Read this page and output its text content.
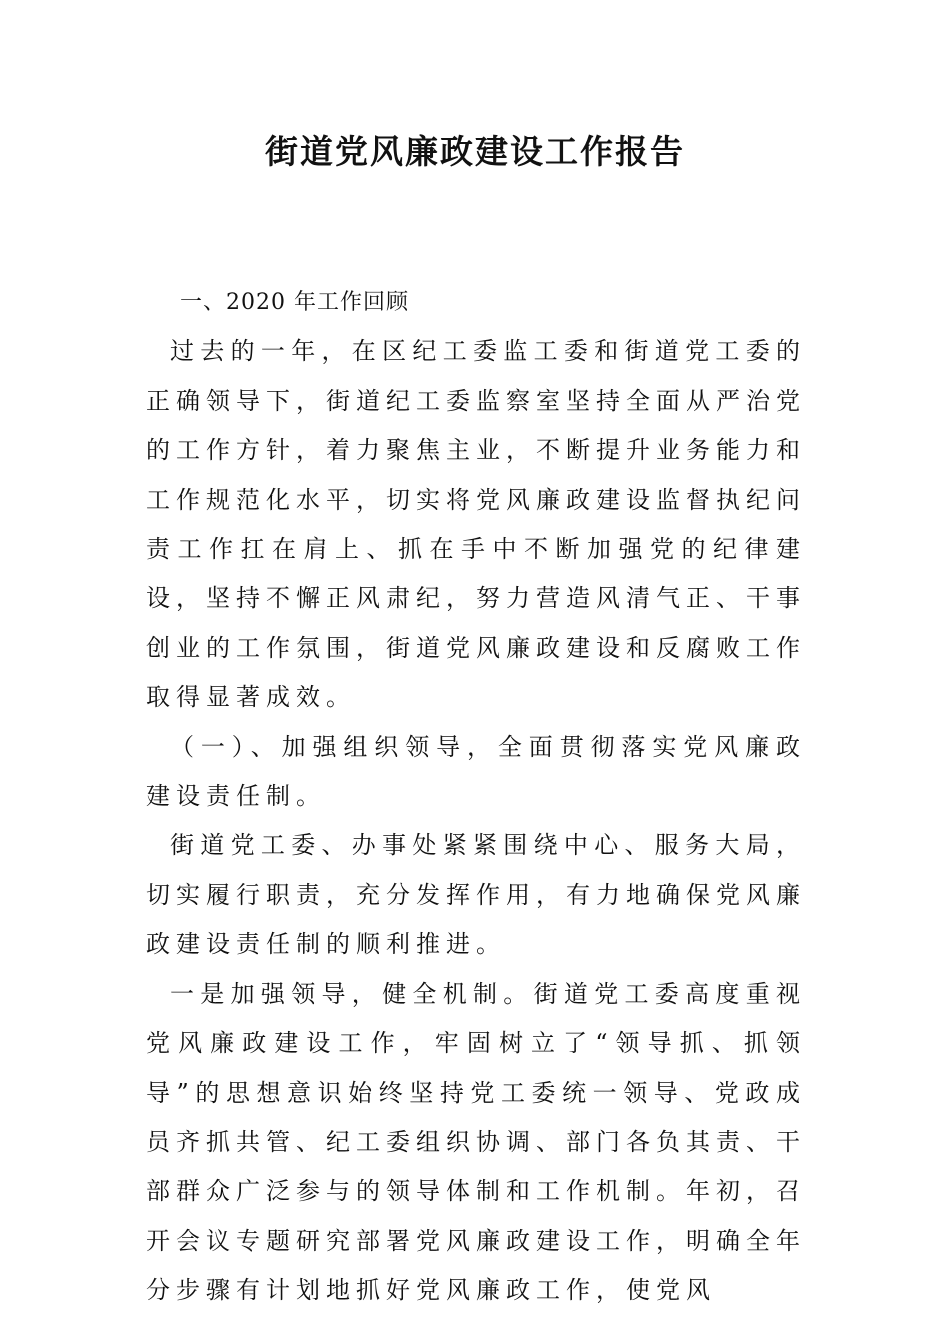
街道党风廉政建设工作报告

一、2020 年工作回顾

过去的一年，在区纪工委监工委和街道党工委的正确领导下，街道纪工委监察室坚持全面从严治党的工作方针，着力聚焦主业，不断提升业务能力和工作规范化水平，切实将党风廉政建设监督执纪问责工作扛在肩上、抓在手中不断加强党的纪律建设，坚持不懈正风肃纪，努力营造风清气正、干事创业的工作氛围，街道党风廉政建设和反腐败工作取得显著成效。

（一）、加强组织领导，全面贯彻落实党风廉政建设责任制。

街道党工委、办事处紧紧围绕中心、服务大局，切实履行职责，充分发挥作用，有力地确保党风廉政建设责任制的顺利推进。

一是加强领导，健全机制。街道党工委高度重视党风廉政建设工作，牢固树立了“领导抓、抓领导”的思想意识始终坚持党工委统一领导、党政成员齐抓共管、纪工委组织协调、部门各负其责、干部群众广泛参与的领导体制和工作机制。年初，召开会议专题研究部署党风廉政建设工作，明确全年分步骤有计划地抓好党风廉政工作，使党风
